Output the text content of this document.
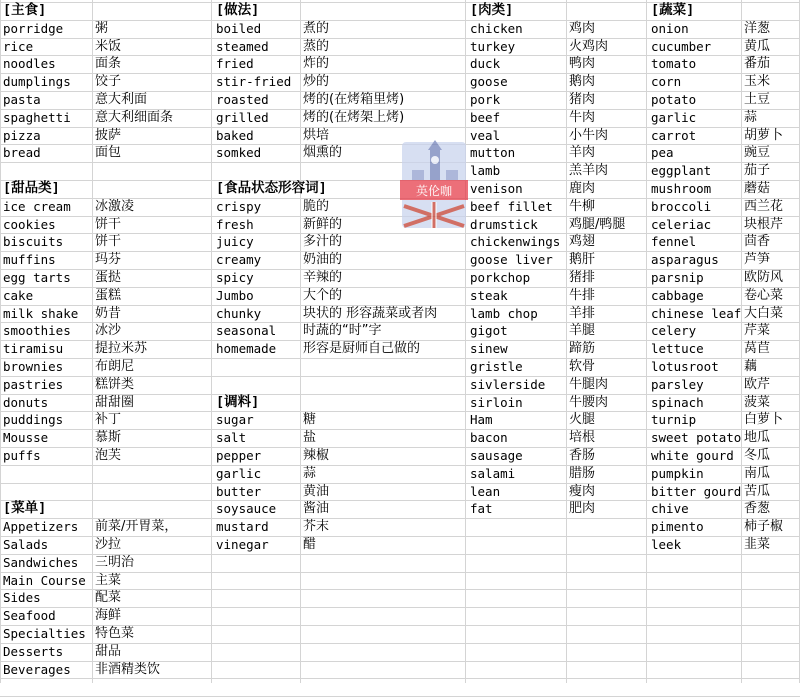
[主食]
porridge 粥
rice	米饭
noodles	面条
dumplings 饺子
pasta	意大利面
spaghetti 意大利细面条
pizza	披萨
bread	面包
[甜品类]
ice cream 冰激凌
cookies	饼干
biscuits 饼干
muffins	玛芬
egg tarts 蛋挞
cake	蛋糕
milk shake 奶昔
smoothies 冰沙
tiramisu 提拉米苏
brownies 布朗尼
pastries 糕饼类
donuts	甜甜圈
puddings 补丁
Mousse	慕斯
puffs	泡芙
[菜单]
Appetizers 前菜/开胃菜，
Salads	沙拉
Sandwiches 三明治
Main Course 主菜
Sides	配菜
Seafood	海鲜
Specialties 特色菜
Desserts 甜品
Beverages 非酒精类饮
[做法]
boiled	煮的
steamed	蒸的
fried	炸的
stir-fried 炒的
roasted	烤的(在烤箱里烤)
grilled	烤的(在烤架上烤)
baked	烘培
somked	烟熏的
[食品状态形容词]
crispy	脆的
fresh	新鲜的
juicy	多汁的
creamy	奶油的
spicy	辛辣的
Jumbo	大个的
chunky	块状的 形容蔬菜或者肉
seasonal 时蔬的“时”字
homemade 形容是厨师自己做的
[调料]
sugar	糖
salt	盐
pepper	辣椒
garlic	蒜
butter	黄油
soysauce 酱油
mustard	芥末
vinegar	醋
[肉类]
chicken	鸡肉
turkey	火鸡肉
duck	鸭肉
goose	鹅肉
pork	猪肉
beef	牛肉
veal	小牛肉
mutton	羊肉
lamb	羔羊肉
venison	鹿肉
beef fillet 牛柳
drumstick 鸡腿/鸭腿
chickenwings 鸡翅
goose liver 鹅肝
porkchop	猪排
steak	牛排
lamb chop 羊排
gigot	羊腿
sinew	蹄筋
gristle	软骨
sivlerside 牛腿肉
sirloin	牛腰肉
Ham	火腿
bacon	培根
sausage	香肠
salami	腊肠
lean	瘦肉
fat	肥肉
[蔬菜]
onion	洋葱
cucumber	黄瓜
tomato	番茄
corn	玉米
potato	土豆
garlic	蒜
carrot	胡萝卜
pea	豌豆
eggplant	茄子
mushroom	蘑菇
broccoli	西兰花
celeriac	块根芹
fennel	茴香
asparagus 芦笋
parsnip	欧防风
cabbage	卷心菜
chinese leaf 大白菜
celery	芹菜
lettuce	莴苣
lotusroot 藕
parsley	欧芹
spinach	菠菜
turnip	白萝卜
sweet potato 地瓜
white gourd 冬瓜
pumpkin	南瓜
bitter gourd 苦瓜
chive	香葱
pimento	柿子椒
leek	韭菜
英伦咖
